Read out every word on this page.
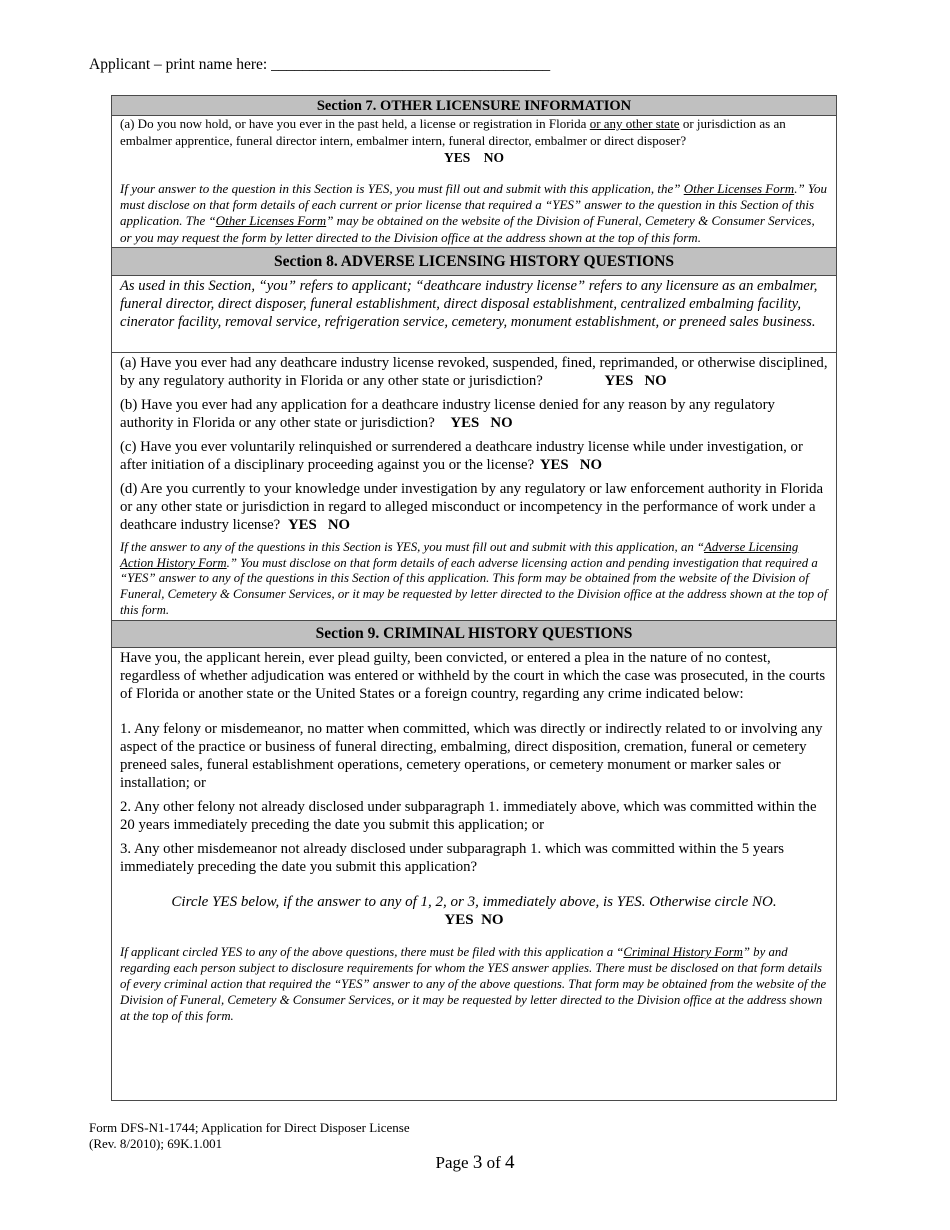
Applicant – print name here: ____________________________________
Section 7. OTHER LICENSURE INFORMATION
(a) Do you now hold, or have you ever in the past held, a license or registration in Florida or any other state or jurisdiction as an embalmer apprentice, funeral director intern, embalmer intern, funeral director, embalmer or direct disposer?
YES NO
If your answer to the question in this Section is YES, you must fill out and submit with this application, the” Other Licenses Form.” You must disclose on that form details of each current or prior license that required a “YES” answer to the question in this Section of this application. The “Other Licenses Form” may be obtained on the website of the Division of Funeral, Cemetery & Consumer Services, or you may request the form by letter directed to the Division office at the address shown at the top of this form.
Section 8. ADVERSE LICENSING HISTORY QUESTIONS
As used in this Section, “you” refers to applicant; “deathcare industry license” refers to any licensure as an embalmer, funeral director, direct disposer, funeral establishment, direct disposal establishment, centralized embalming facility, cinerator facility, removal service, refrigeration service, cemetery, monument establishment, or preneed sales business.
(a) Have you ever had any deathcare industry license revoked, suspended, fined, reprimanded, or otherwise disciplined, by any regulatory authority in Florida or any other state or jurisdiction?	YES NO
(b) Have you ever had any application for a deathcare industry license denied for any reason by any regulatory authority in Florida or any other state or jurisdiction? YES NO
(c) Have you ever voluntarily relinquished or surrendered a deathcare industry license while under investigation, or after initiation of a disciplinary proceeding against you or the license? YES NO
(d) Are you currently to your knowledge under investigation by any regulatory or law enforcement authority in Florida or any other state or jurisdiction in regard to alleged misconduct or incompetency in the performance of work under a deathcare industry license? YES NO
If the answer to any of the questions in this Section is YES, you must fill out and submit with this application, an “Adverse Licensing Action History Form.” You must disclose on that form details of each adverse licensing action and pending investigation that required a “YES” answer to any of the questions in this Section of this application. This form may be obtained from the website of the Division of Funeral, Cemetery & Consumer Services, or it may be requested by letter directed to the Division office at the address shown at the top of this form.
Section 9. CRIMINAL HISTORY QUESTIONS
Have you, the applicant herein, ever plead guilty, been convicted, or entered a plea in the nature of no contest, regardless of whether adjudication was entered or withheld by the court in which the case was prosecuted, in the courts of Florida or another state or the United States or a foreign country, regarding any crime indicated below:
1. Any felony or misdemeanor, no matter when committed, which was directly or indirectly related to or involving any aspect of the practice or business of funeral directing, embalming, direct disposition, cremation, funeral or cemetery preneed sales, funeral establishment operations, cemetery operations, or cemetery monument or marker sales or installation; or
2. Any other felony not already disclosed under subparagraph 1. immediately above, which was committed within the 20 years immediately preceding the date you submit this application; or
3. Any other misdemeanor not already disclosed under subparagraph 1. which was committed within the 5 years immediately preceding the date you submit this application?
Circle YES below, if the answer to any of 1, 2, or 3, immediately above, is YES. Otherwise circle NO.
YES NO
If applicant circled YES to any of the above questions, there must be filed with this application a “Criminal History Form” by and regarding each person subject to disclosure requirements for whom the YES answer applies. There must be disclosed on that form details of every criminal action that required the “YES” answer to any of the above questions. That form may be obtained from the website of the Division of Funeral, Cemetery & Consumer Services, or it may be requested by letter directed to the Division office at the address shown at the top of this form.
Form DFS-N1-1744; Application for Direct Disposer License
(Rev. 8/2010); 69K.1.001
Page 3 of 4
